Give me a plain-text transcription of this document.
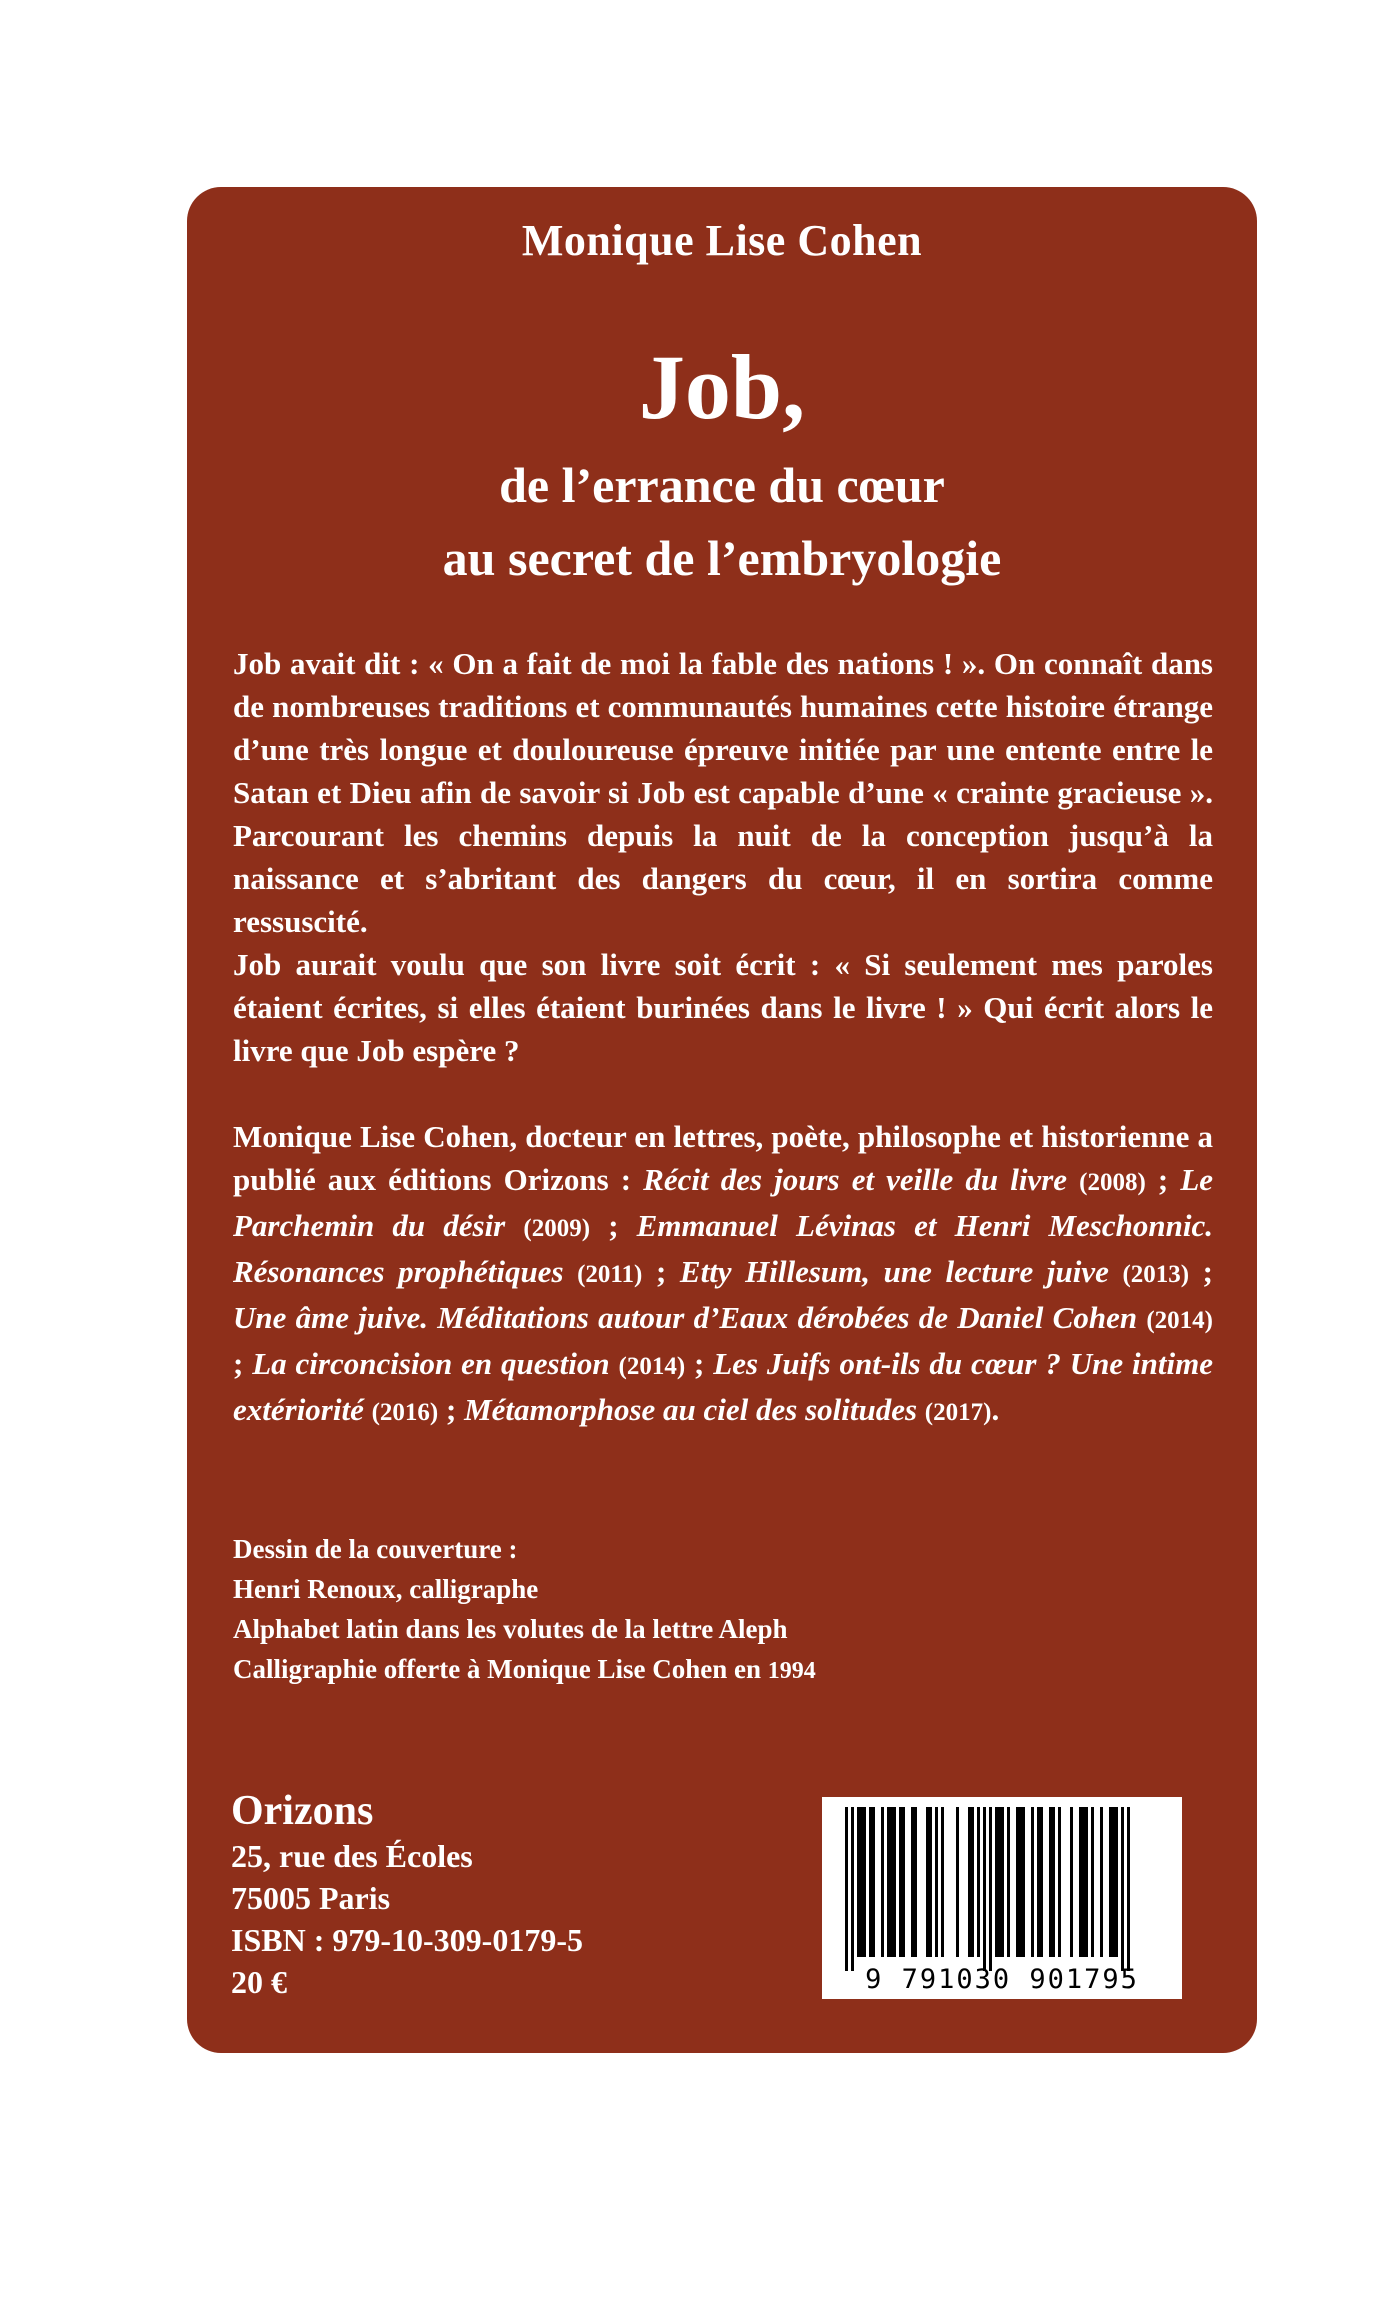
Monique Lise Cohen
Job,
de l’errance du cœur
au secret de l’embryologie
Job avait dit : « On a fait de moi la fable des nations ! ». On connaît dans de nombreuses traditions et communautés humaines cette histoire étrange d’une très longue et douloureuse épreuve initiée par une entente entre le Satan et Dieu afin de savoir si Job est capable d’une « crainte gracieuse ». Parcourant les chemins depuis la nuit de la conception jusqu’à la naissance et s’abritant des dangers du cœur, il en sortira comme ressuscité.
Job aurait voulu que son livre soit écrit : « Si seulement mes paroles étaient écrites, si elles étaient burinées dans le livre ! » Qui écrit alors le livre que Job espère ?
Monique Lise Cohen, docteur en lettres, poète, philosophe et historienne a publié aux éditions Orizons : Récit des jours et veille du livre (2008) ; Le Parchemin du désir (2009) ; Emmanuel Lévinas et Henri Meschonnic. Résonances prophétiques (2011) ; Etty Hillesum, une lecture juive (2013) ; Une âme juive. Méditations autour d’Eaux dérobées de Daniel Cohen (2014) ; La circoncision en question (2014) ; Les Juifs ont-ils du cœur ? Une intime extériorité (2016) ; Métamorphose au ciel des solitudes (2017).
Dessin de la couverture :
Henri Renoux, calligraphe
Alphabet latin dans les volutes de la lettre Aleph
Calligraphie offerte à Monique Lise Cohen en 1994
Orizons
25, rue des Écoles
75005 Paris
ISBN : 979-10-309-0179-5
20 €	9 791030 901795
